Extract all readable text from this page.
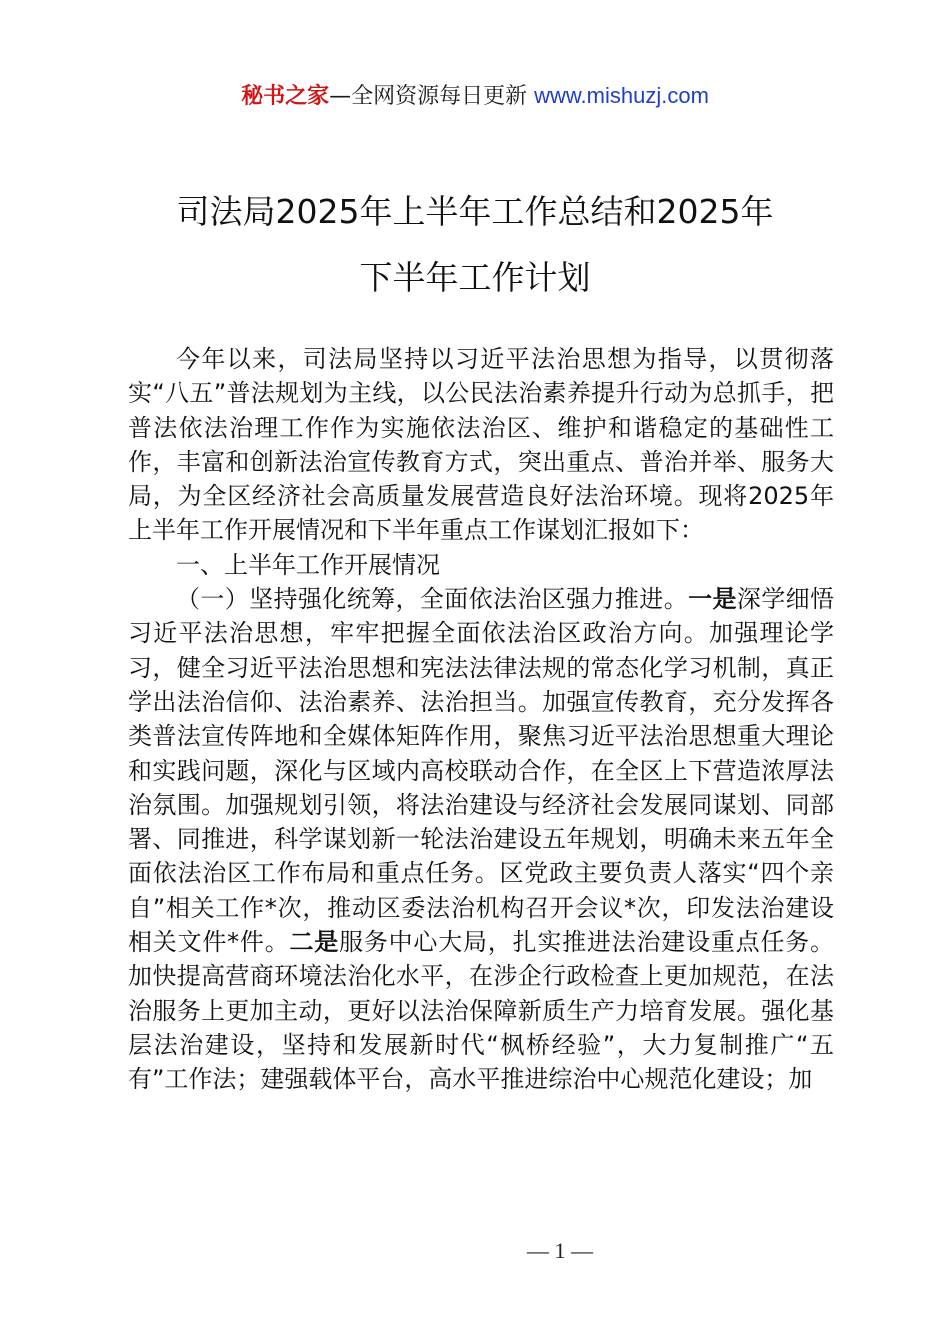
秘书之家—全网资源每日更新 www.mishuzj.com
司法局2025年上半年工作总结和2025年
下半年工作计划

今年以来，司法局坚持以习近平法治思想为指导，以贯彻落实“八五”普法规划为主线，以公民法治素养提升行动为总抓手，把普法依法治理工作作为实施依法治区、维护和谐稳定的基础性工作，丰富和创新法治宣传教育方式，突出重点、普治并举、服务大局，为全区经济社会高质量发展营造良好法治环境。现将2025年上半年工作开展情况和下半年重点工作谋划汇报如下：

一、上半年工作开展情况

（一）坚持强化统筹，全面依法治区强力推进。一是深学细悟习近平法治思想，牢牢把握全面依法治区政治方向。加强理论学习，健全习近平法治思想和宪法法律法规的常态化学习机制，真正学出法治信仰、法治素养、法治担当。加强宣传教育，充分发挥各类普法宣传阵地和全媒体矩阵作用，聚焦习近平法治思想重大理论和实践问题，深化与区域内高校联动合作，在全区上下营造浓厚法治氛围。加强规划引领，将法治建设与经济社会发展同谋划、同部署、同推进，科学谋划新一轮法治建设五年规划，明确未来五年全面依法治区工作布局和重点任务。区党政主要负责人落实“四个亲自”相关工作*次，推动区委法治机构召开会议*次，印发法治建设相关文件*件。二是服务中心大局，扎实推进法治建设重点任务。加快提高营商环境法治化水平，在涉企行政检查上更加规范，在法治服务上更加主动，更好以法治保障新质生产力培育发展。强化基层法治建设，坚持和发展新时代“枫桥经验”，大力复制推广“五有”工作法；建强载体平台，高水平推进综治中心规范化建设；加

— 1 —
